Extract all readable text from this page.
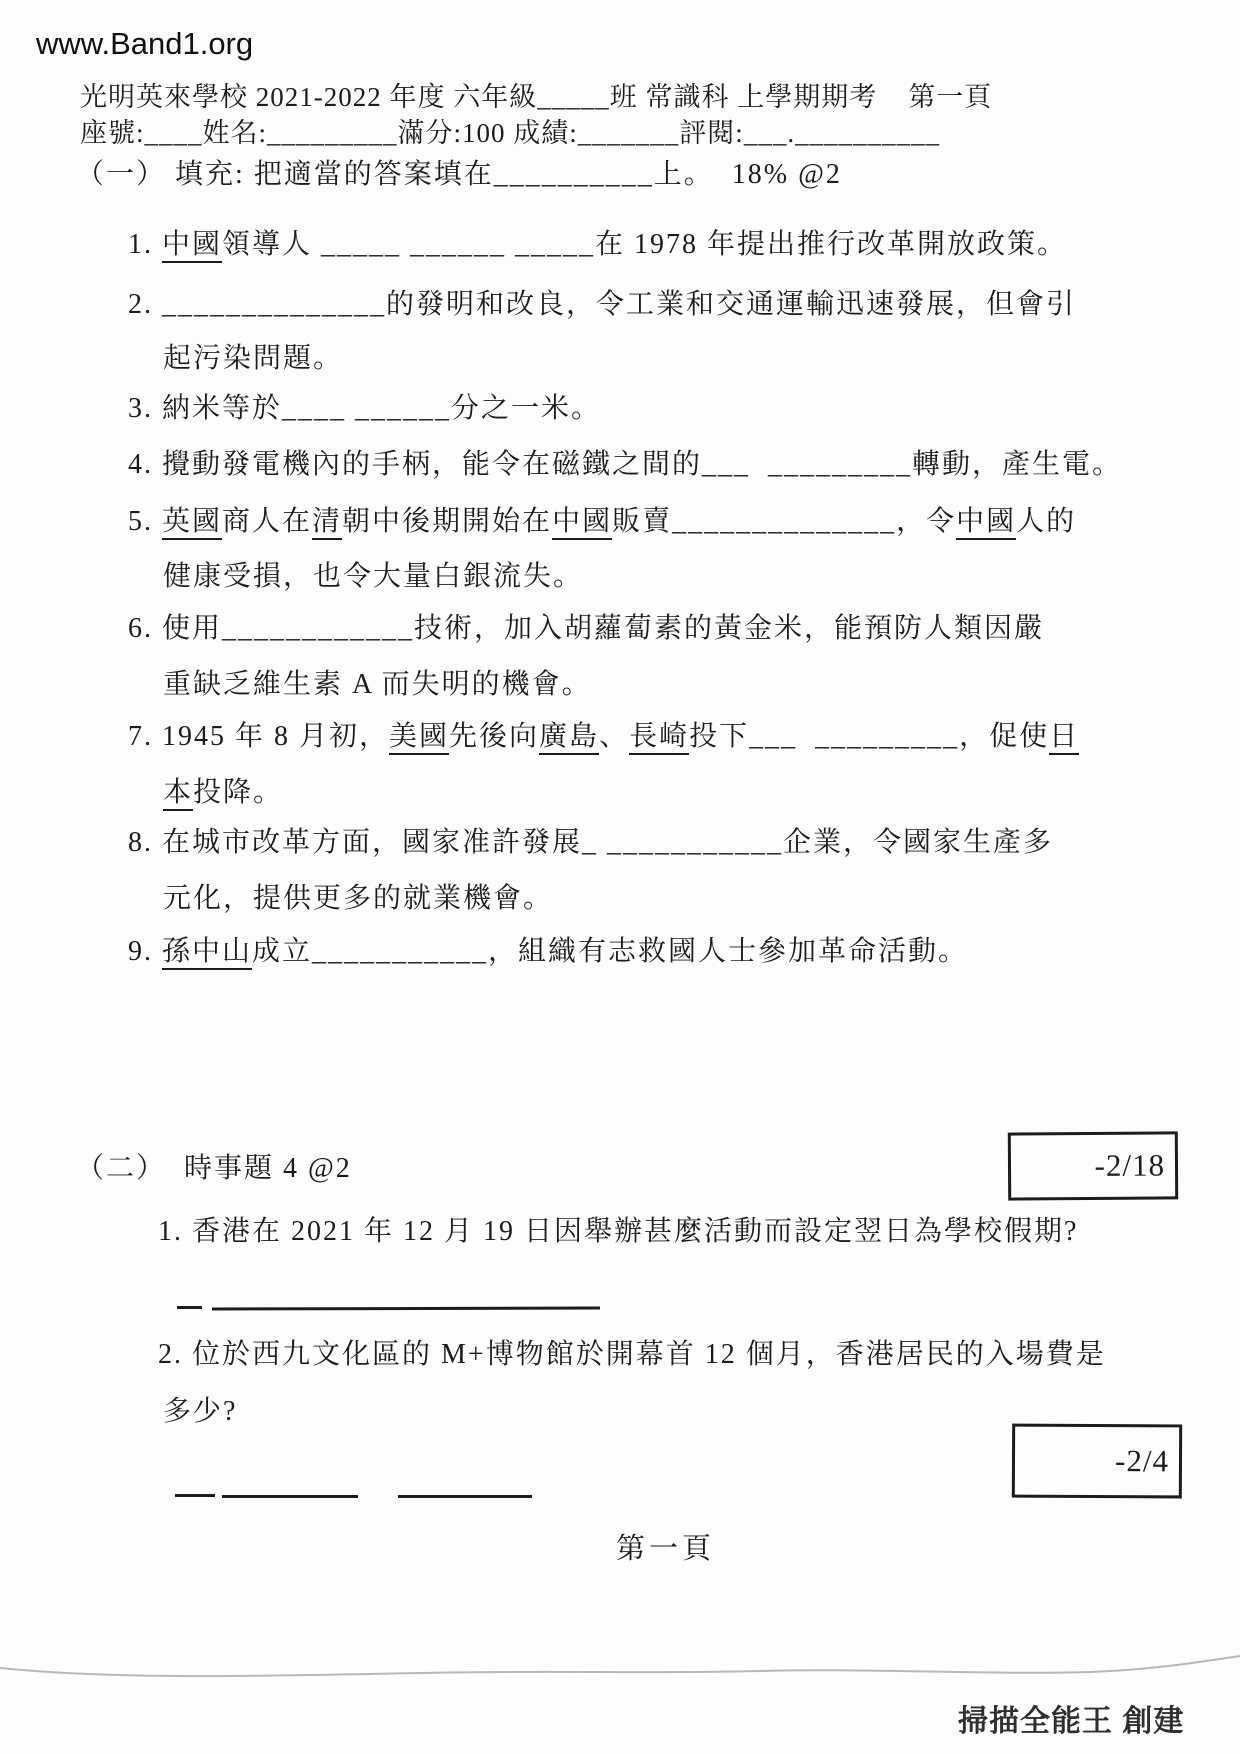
www.Band1.org
光明英來學校 2021-2022 年度 六年級_____班 常識科 上學期期考    第一頁
座號:____姓名:_________滿分:100 成績:_______評閱:___.__________
（一） 填充: 把適當的答案填在__________上。  18% @2
1. 中國領導人 _____ ______ _____在 1978 年提出推行改革開放政策。
2. ______________的發明和改良，令工業和交通運輸迅速發展，但會引
起污染問題。
3. 納米等於____ ______分之一米。
4. 攪動發電機內的手柄，能令在磁鐵之間的___  _________轉動，產生電。
5. 英國商人在清朝中後期開始在中國販賣______________，令中國人的
健康受損，也令大量白銀流失。
6. 使用____________技術，加入胡蘿蔔素的黃金米，能預防人類因嚴
重缺乏維生素 A 而失明的機會。
7. 1945 年 8 月初，美國先後向廣島、長崎投下___  _________，促使日
本投降。
8. 在城市改革方面，國家准許發展_ ___________企業，令國家生產多
元化，提供更多的就業機會。
9. 孫中山成立___________，組織有志救國人士參加革命活動。
（二）  時事題 4 @2	-2/18
1. 香港在 2021 年 12 月 19 日因舉辦甚麼活動而設定翌日為學校假期?
2. 位於西九文化區的 M+博物館於開幕首 12 個月，香港居民的入場費是
多少?
-2/4
第一頁
掃描全能王 創建
